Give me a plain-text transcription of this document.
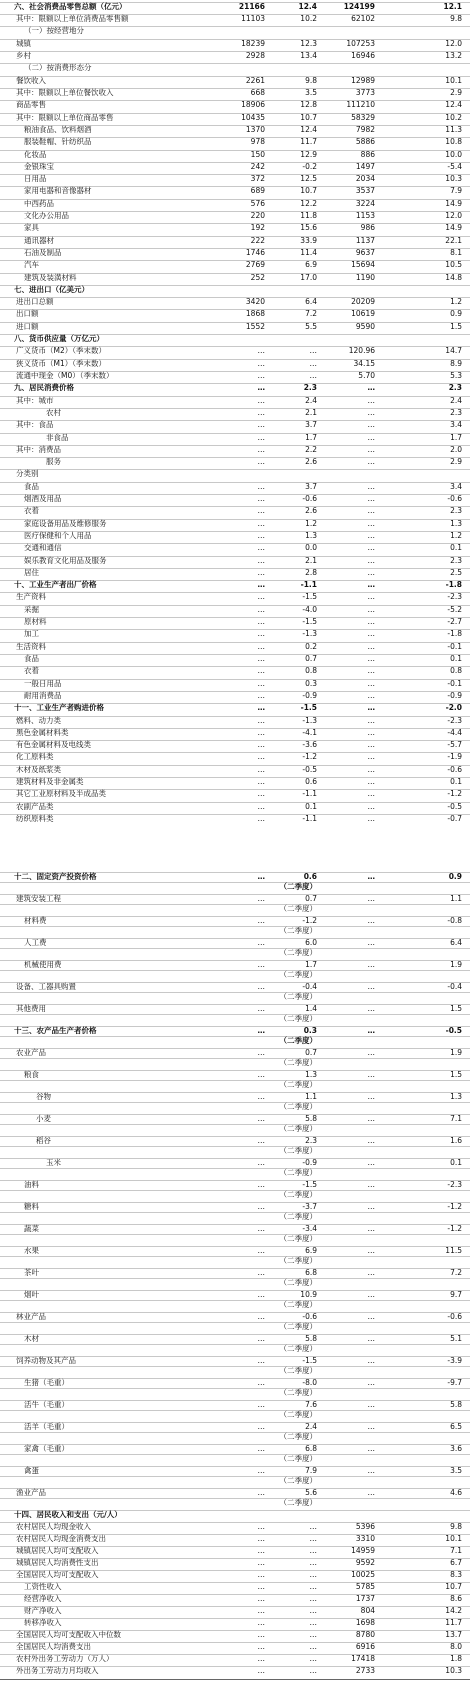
六、社会消费品零售总额（亿元）	21166	12.4	124199	12.1
其中：限额以上单位消费品零售额	11103	10.2	62102	9.8
（一）按经营地分
城镇	18239	12.3	107253	12.0
乡村	2928	13.4	16946	13.2
（二）按消费形态分
餐饮收入	2261	9.8	12989	10.1
其中：限额以上单位餐饮收入	668	3.5	3773	2.9
商品零售	18906	12.8	111210	12.4
其中：限额以上单位商品零售	10435	10.7	58329	10.2
粮油食品、饮料烟酒	1370	12.4	7982	11.3
服装鞋帽、针纺织品	978	11.7	5886	10.8
化妆品	150	12.9	886	10.0
金银珠宝	242	-0.2	1497	-5.4
日用品	372	12.5	2034	10.3
家用电器和音像器材	689	10.7	3537	7.9
中西药品	576	12.2	3224	14.9
文化办公用品	220	11.8	1153	12.0
家具	192	15.6	986	14.9
通讯器材	222	33.9	1137	22.1
石油及制品	1746	11.4	9637	8.1
汽车	2769	6.9	15694	10.5
建筑及装潢材料	252	17.0	1190	14.8
七、进出口（亿美元）
进出口总额	3420	6.4	20209	1.2
出口额	1868	7.2	10619	0.9
进口额	1552	5.5	9590	1.5
八、货币供应量（万亿元）
广义货币（M2）（季末数）	…	…	120.96	14.7
狭义货币（M1）（季末数）	…	…	34.15	8.9
流通中现金（M0）（季末数）	…	…	5.70	5.3
九、居民消费价格	…	2.3	…	2.3
其中：城市	…	2.4	…	2.4
农村	…	2.1	…	2.3
其中：食品	…	3.7	…	3.4
非食品	…	1.7	…	1.7
其中：消费品	…	2.2	…	2.0
服务	…	2.6	…	2.9
分类别
食品	…	3.7	…	3.4
烟酒及用品	…	-0.6	…	-0.6
衣着	…	2.6	…	2.3
家庭设备用品及维修服务	…	1.2	…	1.3
医疗保健和个人用品	…	1.3	…	1.2
交通和通信	…	0.0	…	0.1
娱乐教育文化用品及服务	…	2.1	…	2.3
居住	…	2.8	…	2.5
十、工业生产者出厂价格	…	-1.1	…	-1.8
生产资料	…	-1.5	…	-2.3
采掘	…	-4.0	…	-5.2
原材料	…	-1.5	…	-2.7
加工	…	-1.3	…	-1.8
生活资料	…	0.2	…	-0.1
食品	…	0.7	…	0.1
衣着	…	0.8	…	0.8
一般日用品	…	0.3	…	-0.1
耐用消费品	…	-0.9	…	-0.9
十一、工业生产者购进价格	…	-1.5	…	-2.0
燃料、动力类	…	-1.3	…	-2.3
黑色金属材料类	…	-4.1	…	-4.4
有色金属材料及电线类	…	-3.6	…	-5.7
化工原料类	…	-1.2	…	-1.9
木材及纸浆类	…	-0.5	…	-0.6
建筑材料及非金属类	…	0.6	…	0.1
其它工业原材料及半成品类	…	-1.1	…	-1.2
农副产品类	…	0.1	…	-0.5
纺织原料类	…	-1.1	…	-0.7
十二、固定资产投资价格	…	0.6	…	0.9
（二季度）
建筑安装工程	…	0.7	…	1.1
（二季度）
材料费	…	-1.2	…	-0.8
（二季度）
人工费	…	6.0	…	6.4
（二季度）
机械使用费	…	1.7	…	1.9
（二季度）
设备、工器具购置	…	-0.4	…	-0.4
（二季度）
其他费用	…	1.4	…	1.5
（二季度）
十三、农产品生产者价格	…	0.3	…	-0.5
（二季度）
农业产品	…	0.7	…	1.9
（二季度）
粮食	…	1.3	…	1.5
（二季度）
谷物	…	1.1	…	1.3
（二季度）
小麦	…	5.8	…	7.1
（二季度）
稻谷	…	2.3	…	1.6
（二季度）
玉米	…	-0.9	…	0.1
（二季度）
油料	…	-1.5	…	-2.3
（二季度）
糖料	…	-3.7	…	-1.2
（二季度）
蔬菜	…	-3.4	…	-1.2
（二季度）
水果	…	6.9	…	11.5
（二季度）
茶叶	…	6.8	…	7.2
（二季度）
烟叶	…	10.9	…	9.7
（二季度）
林业产品	…	-0.6	…	-0.6
（二季度）
木材	…	5.8	…	5.1
（二季度）
饲养动物及其产品	…	-1.5	…	-3.9
（二季度）
生猪（毛重）	…	-8.0	…	-9.7
（二季度）
活牛（毛重）	…	7.6	…	5.8
（二季度）
活羊（毛重）	…	2.4	…	6.5
（二季度）
家禽（毛重）	…	6.8	…	3.6
（二季度）
禽蛋	…	7.9	…	3.5
（二季度）
渔业产品	…	5.6	…	4.6
（二季度）
十四、居民收入和支出（元/人）
农村居民人均现金收入	…	…	5396	9.8
农村居民人均现金消费支出	…	…	3310	10.1
城镇居民人均可支配收入	…	…	14959	7.1
城镇居民人均消费性支出	…	…	9592	6.7
全国居民人均可支配收入	…	…	10025	8.3
工资性收入	…	…	5785	10.7
经营净收入	…	…	1737	8.6
财产净收入	…	…	804	14.2
转移净收入	…	…	1698	11.7
全国居民人均可支配收入中位数	…	…	8780	13.7
全国居民人均消费支出	…	…	6916	8.0
农村外出务工劳动力（万人）	…	…	17418	1.8
外出务工劳动力月均收入	…	…	2733	10.3
